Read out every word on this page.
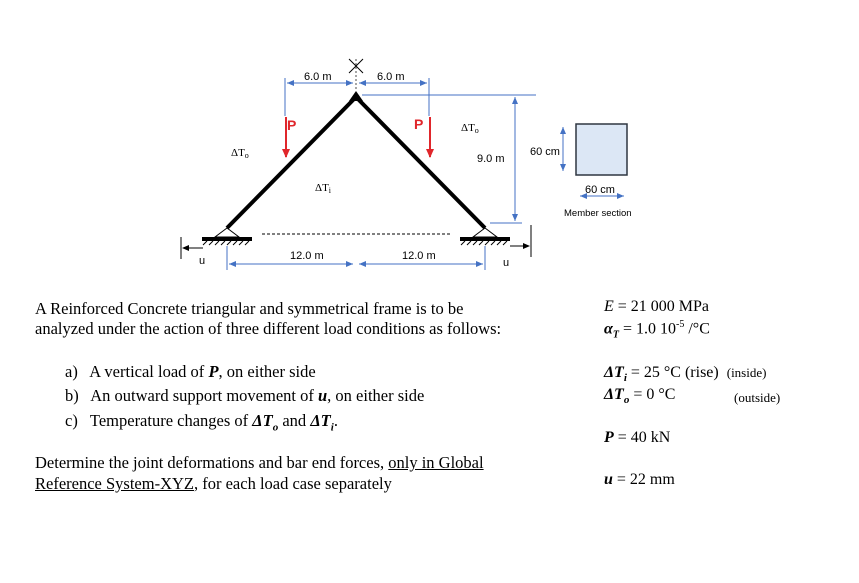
u	u
P	P
6.0 m	6.0 m
12.0 m	12.0 m
9.0 m
ΔTo
ΔTo
ΔTi
60 cm
60 cm
Member section
A Reinforced Concrete triangular and symmetrical frame is to be
analyzed under the action of three different load conditions as follows:
a) A vertical load of P, on either side
b) An outward support movement of u, on either side
c) Temperature changes of $\Delta T_o$ and $\Delta T_i$.
Determine the joint deformations and bar end forces, only in Global
Reference System-XYZ, for each load case separately
E = 21 000 MPa
$\alpha_T = 1.0$ $10^{-5}$ /°C
$\Delta T_i = 25$ °C (rise) (inside)
$\Delta T_o = 0$ °C	(outside)
P = 40 kN
u = 22 mm
